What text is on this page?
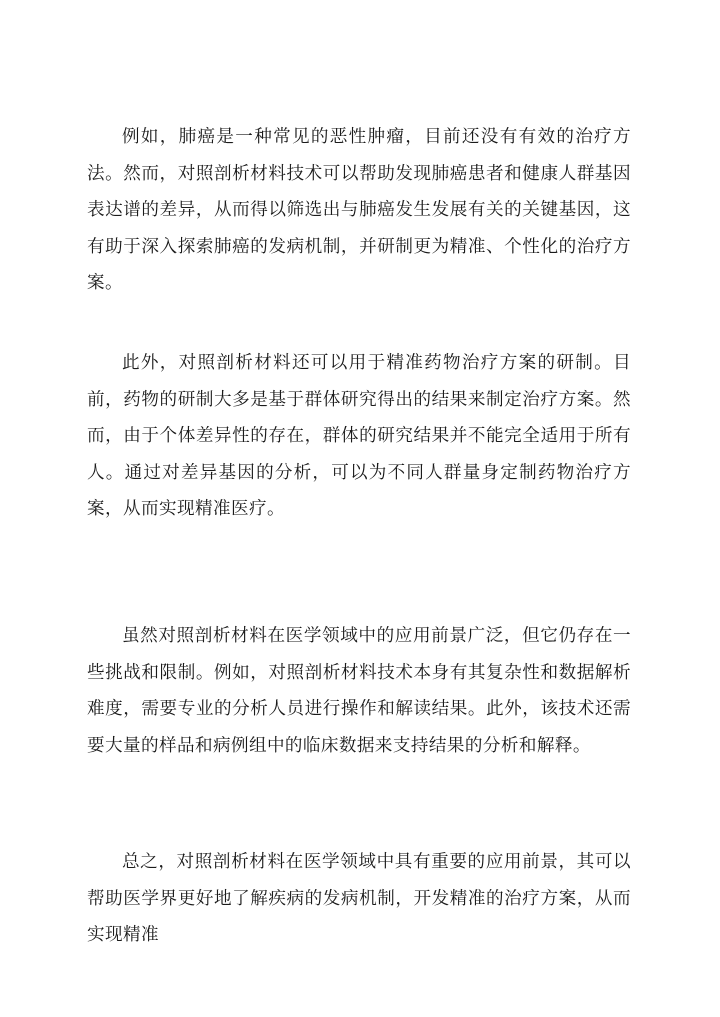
例如，肺癌是一种常见的恶性肿瘤，目前还没有有效的治疗方法。然而，对照剖析材料技术可以帮助发现肺癌患者和健康人群基因表达谱的差异，从而得以筛选出与肺癌发生发展有关的关键基因，这有助于深入探索肺癌的发病机制，并研制更为精准、个性化的治疗方案。

此外，对照剖析材料还可以用于精准药物治疗方案的研制。目前，药物的研制大多是基于群体研究得出的结果来制定治疗方案。然而，由于个体差异性的存在，群体的研究结果并不能完全适用于所有人。通过对差异基因的分析，可以为不同人群量身定制药物治疗方案，从而实现精准医疗。

虽然对照剖析材料在医学领域中的应用前景广泛，但它仍存在一些挑战和限制。例如，对照剖析材料技术本身有其复杂性和数据解析难度，需要专业的分析人员进行操作和解读结果。此外，该技术还需要大量的样品和病例组中的临床数据来支持结果的分析和解释。

总之，对照剖析材料在医学领域中具有重要的应用前景，其可以帮助医学界更好地了解疾病的发病机制，开发精准的治疗方案，从而实现精准
